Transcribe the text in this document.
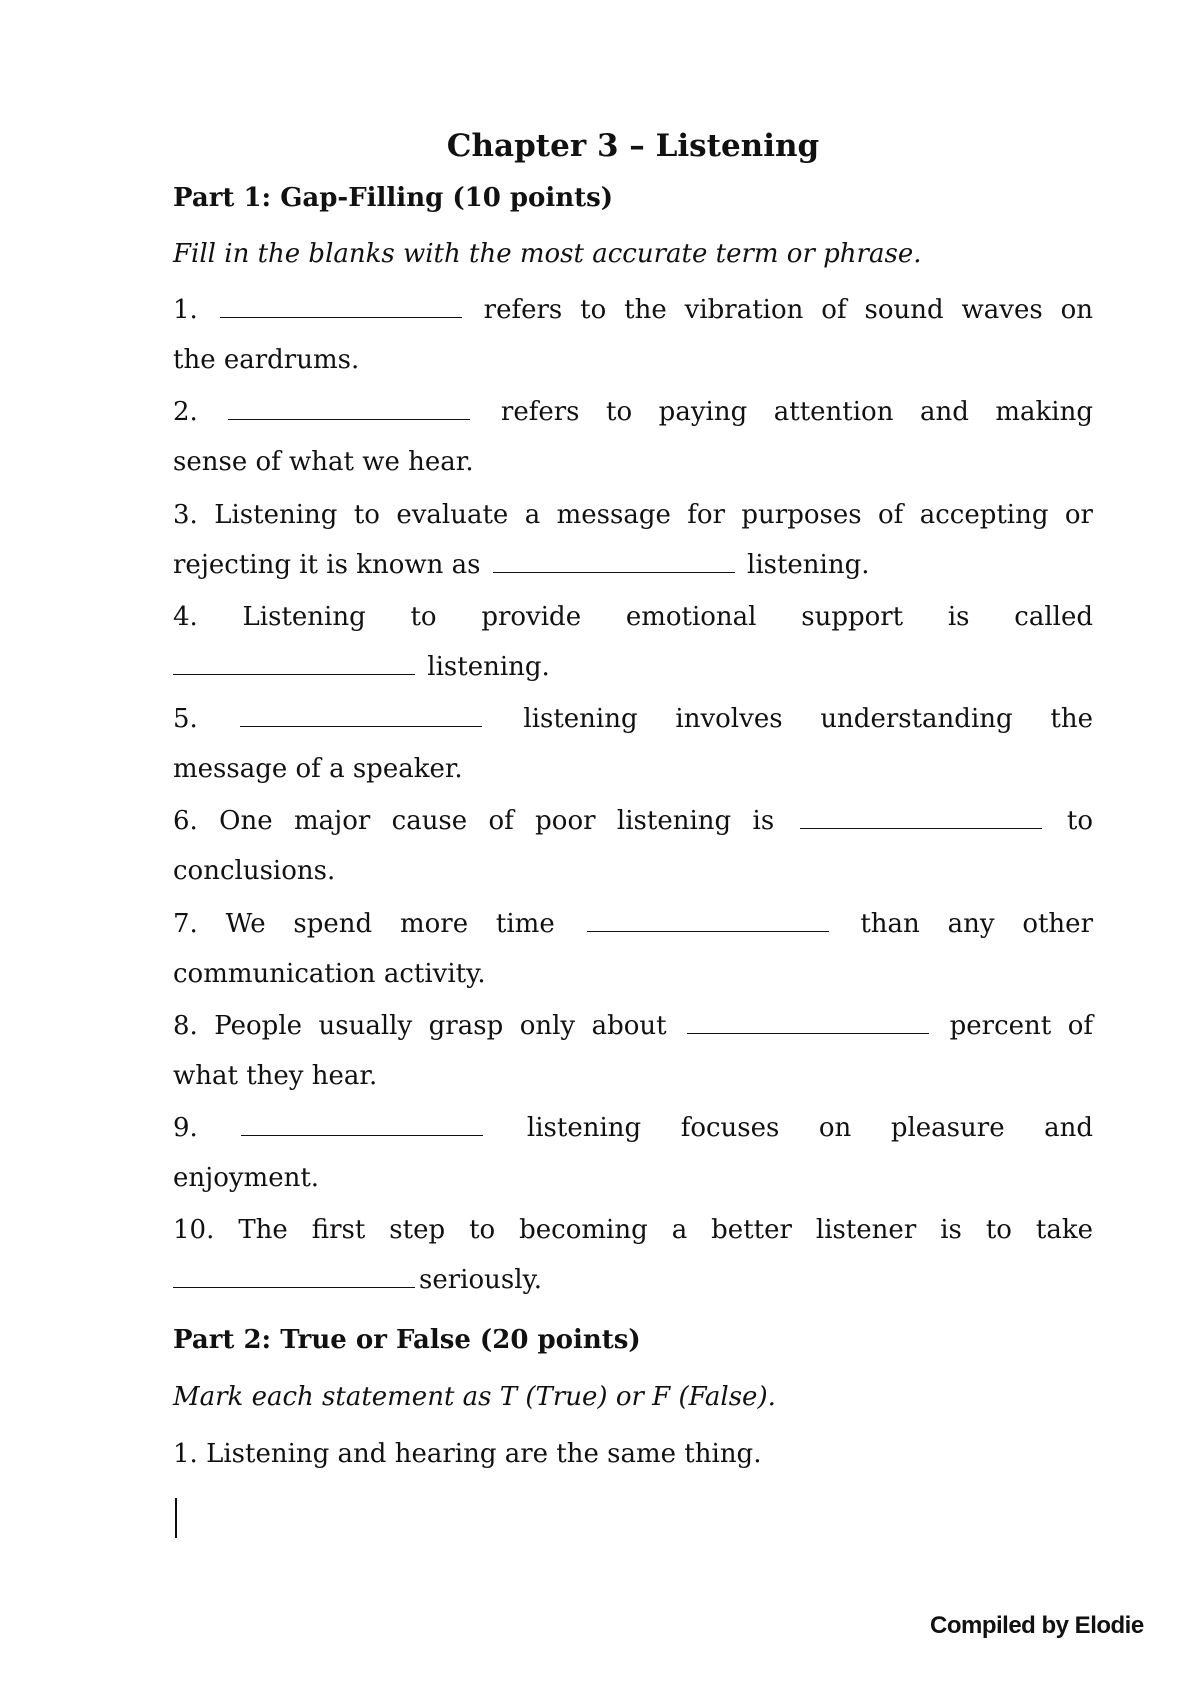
Chapter 3 – Listening
Part 1: Gap-Filling (10 points)

Fill in the blanks with the most accurate term or phrase.

1.	refers to the vibration of sound waves on
the eardrums.
2.	refers to paying attention and making
sense of what we hear.
3. Listening to evaluate a message for purposes of accepting or
rejecting it is known as	listening.
4. Listening to provide emotional support is called
listening.
5.	listening involves understanding the
message of a speaker.
6. One major cause of poor listening is	to
conclusions.
7. We spend more time	than any other
communication activity.
8. People usually grasp only about	percent of
what they hear.
9.	listening focuses on pleasure and
enjoyment.
10. The first step to becoming a better listener is to take
seriously.
Part 2: True or False (20 points)

Mark each statement as T (True) or F (False).

1. Listening and hearing are the same thing.

Compiled by Elodie
